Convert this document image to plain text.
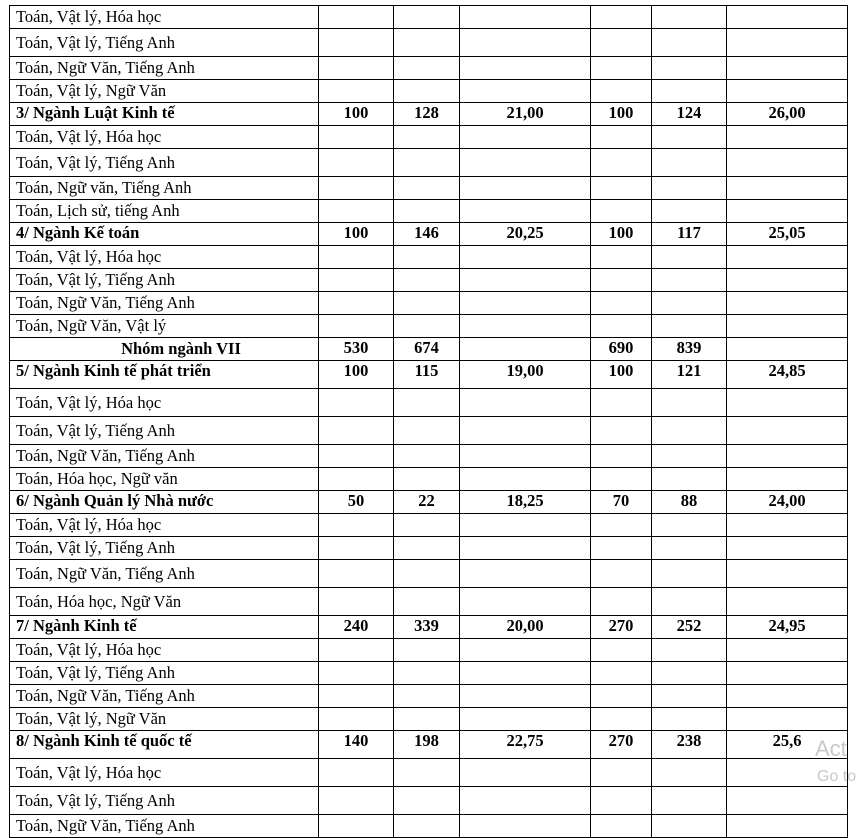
Toán, Vật lý, Hóa học						
Toán, Vật lý, Tiếng Anh						
Toán, Ngữ Văn, Tiếng Anh						
Toán, Vật lý, Ngữ Văn						
3/ Ngành Luật Kinh tế	100	128	21,00	100	124	26,00
Toán, Vật lý, Hóa học						
Toán, Vật lý, Tiếng Anh						
Toán, Ngữ văn, Tiếng Anh						
Toán, Lịch sử, tiếng Anh						
4/ Ngành Kế toán	100	146	20,25	100	117	25,05
Toán, Vật lý, Hóa học						
Toán, Vật lý, Tiếng Anh						
Toán, Ngữ Văn, Tiếng Anh						
Toán, Ngữ Văn, Vật lý						
Nhóm ngành VII	530	674		690	839	
5/ Ngành Kinh tế phát triển	100	115	19,00	100	121	24,85
Toán, Vật lý, Hóa học						
Toán, Vật lý, Tiếng Anh						
Toán, Ngữ Văn, Tiếng Anh						
Toán, Hóa học, Ngữ văn						
6/ Ngành Quản lý Nhà nước	50	22	18,25	70	88	24,00
Toán, Vật lý, Hóa học						
Toán, Vật lý, Tiếng Anh						
Toán, Ngữ Văn, Tiếng Anh						
Toán, Hóa học, Ngữ Văn						
7/ Ngành Kinh tế	240	339	20,00	270	252	24,95
Toán, Vật lý, Hóa học						
Toán, Vật lý, Tiếng Anh						
Toán, Ngữ Văn, Tiếng Anh						
Toán, Vật lý, Ngữ Văn						
8/ Ngành Kinh tế quốc tế	140	198	22,75	270	238	25,6
Toán, Vật lý, Hóa học						
Toán, Vật lý, Tiếng Anh						
Toán, Ngữ Văn, Tiếng Anh						
Act
Go to
